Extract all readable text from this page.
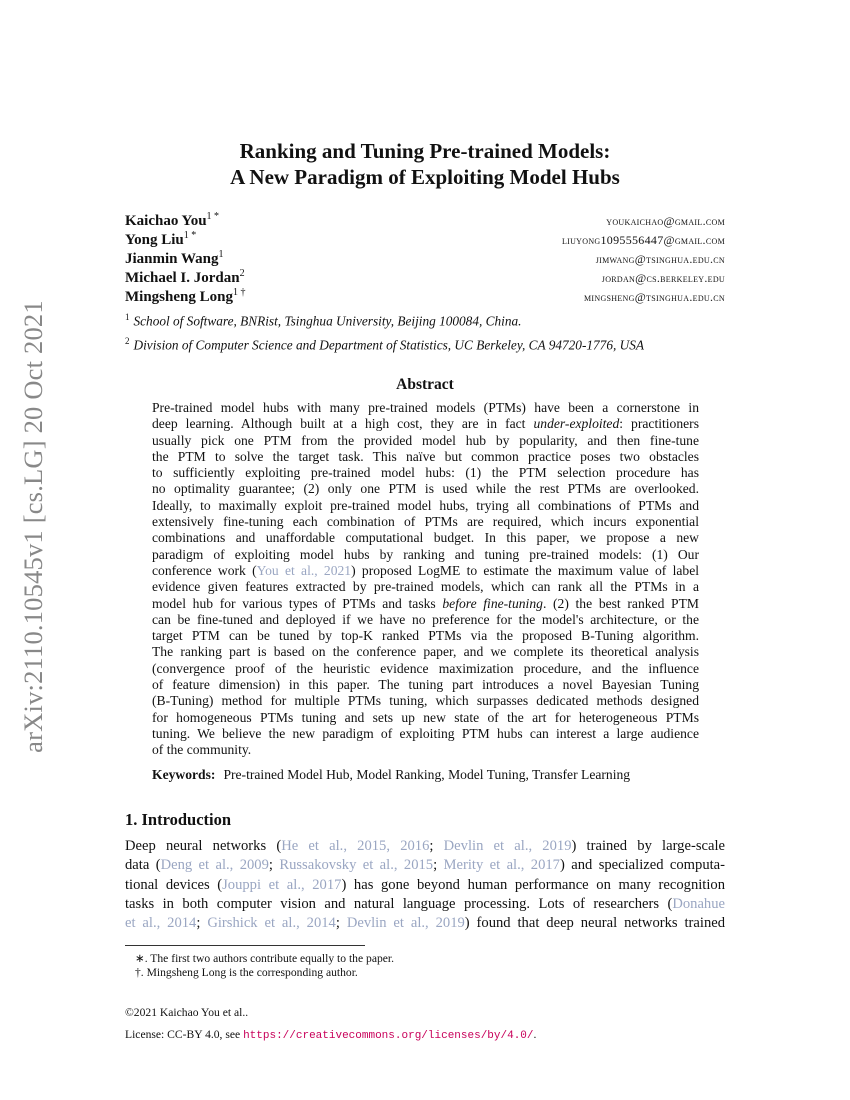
arXiv:2110.10545v1 [cs.LG] 20 Oct 2021
Ranking and Tuning Pre-trained Models:
A New Paradigm of Exploiting Model Hubs
Kaichao You$^{1 *}$	youkaichao@gmail.com
Yong Liu$^{1 *}$	liuyong1095556447@gmail.com
Jianmin Wang$^1$	jimwang@tsinghua.edu.cn
Michael I. Jordan$^2$	jordan@cs.berkeley.edu
Mingsheng Long$^{1 \dagger}$	mingsheng@tsinghua.edu.cn
$^1$ School of Software, BNRist, Tsinghua University, Beijing 100084, China.
$^2$ Division of Computer Science and Department of Statistics, UC Berkeley, CA 94720-1776, USA
Abstract
Pre-trained model hubs with many pre-trained models (PTMs) have been a cornerstone in
deep learning. Although built at a high cost, they are in fact under-exploited: practitioners
usually pick one PTM from the provided model hub by popularity, and then fine-tune
the PTM to solve the target task. This naïve but common practice poses two obstacles
to sufficiently exploiting pre-trained model hubs: (1) the PTM selection procedure has
no optimality guarantee; (2) only one PTM is used while the rest PTMs are overlooked.
Ideally, to maximally exploit pre-trained model hubs, trying all combinations of PTMs and
extensively fine-tuning each combination of PTMs are required, which incurs exponential
combinations and unaffordable computational budget. In this paper, we propose a new
paradigm of exploiting model hubs by ranking and tuning pre-trained models: (1) Our
conference work (You et al., 2021) proposed LogME to estimate the maximum value of label
evidence given features extracted by pre-trained models, which can rank all the PTMs in a
model hub for various types of PTMs and tasks before fine-tuning. (2) the best ranked PTM
can be fine-tuned and deployed if we have no preference for the model's architecture, or the
target PTM can be tuned by top-K ranked PTMs via the proposed B-Tuning algorithm.
The ranking part is based on the conference paper, and we complete its theoretical analysis
(convergence proof of the heuristic evidence maximization procedure, and the influence
of feature dimension) in this paper. The tuning part introduces a novel Bayesian Tuning
(B-Tuning) method for multiple PTMs tuning, which surpasses dedicated methods designed
for homogeneous PTMs tuning and sets up new state of the art for heterogeneous PTMs
tuning. We believe the new paradigm of exploiting PTM hubs can interest a large audience
of the community.
Keywords: Pre-trained Model Hub, Model Ranking, Model Tuning, Transfer Learning
1. Introduction
Deep neural networks (He et al., 2015, 2016; Devlin et al., 2019) trained by large-scale
data (Deng et al., 2009; Russakovsky et al., 2015; Merity et al., 2017) and specialized computa-
tional devices (Jouppi et al., 2017) has gone beyond human performance on many recognition
tasks in both computer vision and natural language processing. Lots of researchers (Donahue
et al., 2014; Girshick et al., 2014; Devlin et al., 2019) found that deep neural networks trained
∗. The first two authors contribute equally to the paper.
†. Mingsheng Long is the corresponding author.
©2021 Kaichao You et al..
License: CC-BY 4.0, see https://creativecommons.org/licenses/by/4.0/.
